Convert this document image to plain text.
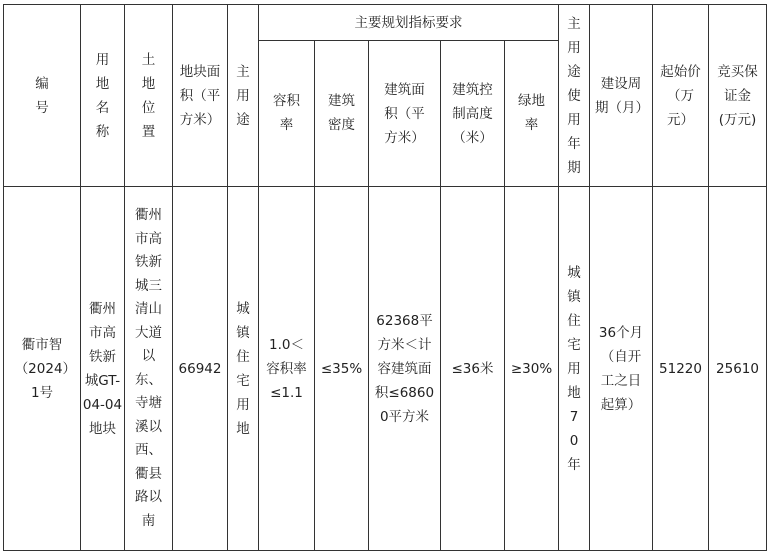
编号	用地名称	土地位置	地块面积（平方米）	主用途	主要规划指标要求					主用途使用年期	建设周期（月）	起始价（万元）	竞买保证金(万元)
					容积率	建筑密度	建筑面积（平方米）	建筑控制高度（米）	绿地率				
衢市智（2024）1号	衢州市高铁新城GT-04-04地块	衢州市高铁新城三清山大道以东、寺塘溪以西、衢县路以南	66942	城镇住宅用地	1.0＜容积率≤1.1	≤35%	62368平方米＜计容建筑面积≤68600平方米	≤36米	≥30%	城镇住宅用地70年	36个月（自开工之日起算）	51220	25610
